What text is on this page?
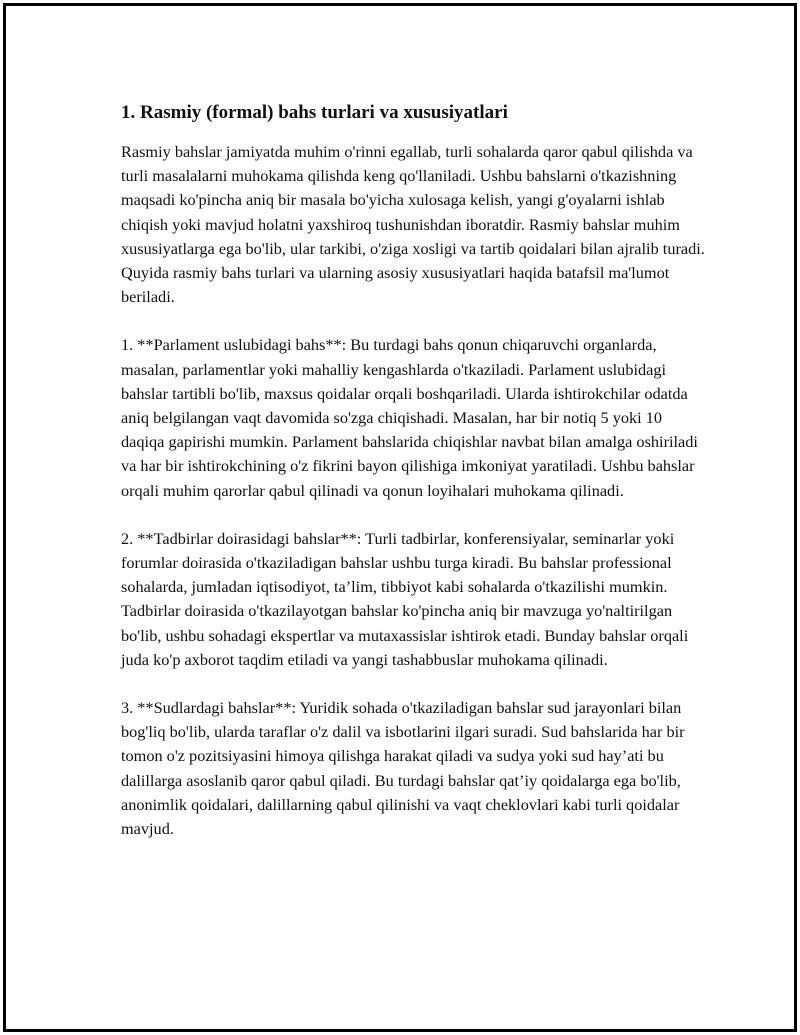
1. Rasmiy (formal) bahs turlari va xususiyatlari

Rasmiy bahslar jamiyatda muhim o'rinni egallab, turli sohalarda qaror qabul qilishda va turli masalalarni muhokama qilishda keng qo'llaniladi. Ushbu bahslarni o'tkazishning maqsadi ko'pincha aniq bir masala bo'yicha xulosaga kelish, yangi g'oyalarni ishlab chiqish yoki mavjud holatni yaxshiroq tushunishdan iboratdir. Rasmiy bahslar muhim xususiyatlarga ega bo'lib, ular tarkibi, o'ziga xosligi va tartib qoidalari bilan ajralib turadi. Quyida rasmiy bahs turlari va ularning asosiy xususiyatlari haqida batafsil ma'lumot beriladi.

1. **Parlament uslubidagi bahs**: Bu turdagi bahs qonun chiqaruvchi organlarda, masalan, parlamentlar yoki mahalliy kengashlarda o'tkaziladi. Parlament uslubidagi bahslar tartibli bo'lib, maxsus qoidalar orqali boshqariladi. Ularda ishtirokchilar odatda aniq belgilangan vaqt davomida so'zga chiqishadi. Masalan, har bir notiq 5 yoki 10 daqiqa gapirishi mumkin. Parlament bahslarida chiqishlar navbat bilan amalga oshiriladi va har bir ishtirokchining o'z fikrini bayon qilishiga imkoniyat yaratiladi. Ushbu bahslar orqali muhim qarorlar qabul qilinadi va qonun loyihalari muhokama qilinadi.

2. **Tadbirlar doirasidagi bahslar**: Turli tadbirlar, konferensiyalar, seminarlar yoki forumlar doirasida o'tkaziladigan bahslar ushbu turga kiradi. Bu bahslar professional sohalarda, jumladan iqtisodiyot, ta’lim, tibbiyot kabi sohalarda o'tkazilishi mumkin. Tadbirlar doirasida o'tkazilayotgan bahslar ko'pincha aniq bir mavzuga yo'naltirilgan bo'lib, ushbu sohadagi ekspertlar va mutaxassislar ishtirok etadi. Bunday bahslar orqali juda ko'p axborot taqdim etiladi va yangi tashabbuslar muhokama qilinadi.

3. **Sudlardagi bahslar**: Yuridik sohada o'tkaziladigan bahslar sud jarayonlari bilan bog'liq bo'lib, ularda taraflar o'z dalil va isbotlarini ilgari suradi. Sud bahslarida har bir tomon o'z pozitsiyasini himoya qilishga harakat qiladi va sudya yoki sud hay’ati bu dalillarga asoslanib qaror qabul qiladi. Bu turdagi bahslar qat’iy qoidalarga ega bo'lib, anonimlik qoidalari, dalillarning qabul qilinishi va vaqt cheklovlari kabi turli qoidalar mavjud.
